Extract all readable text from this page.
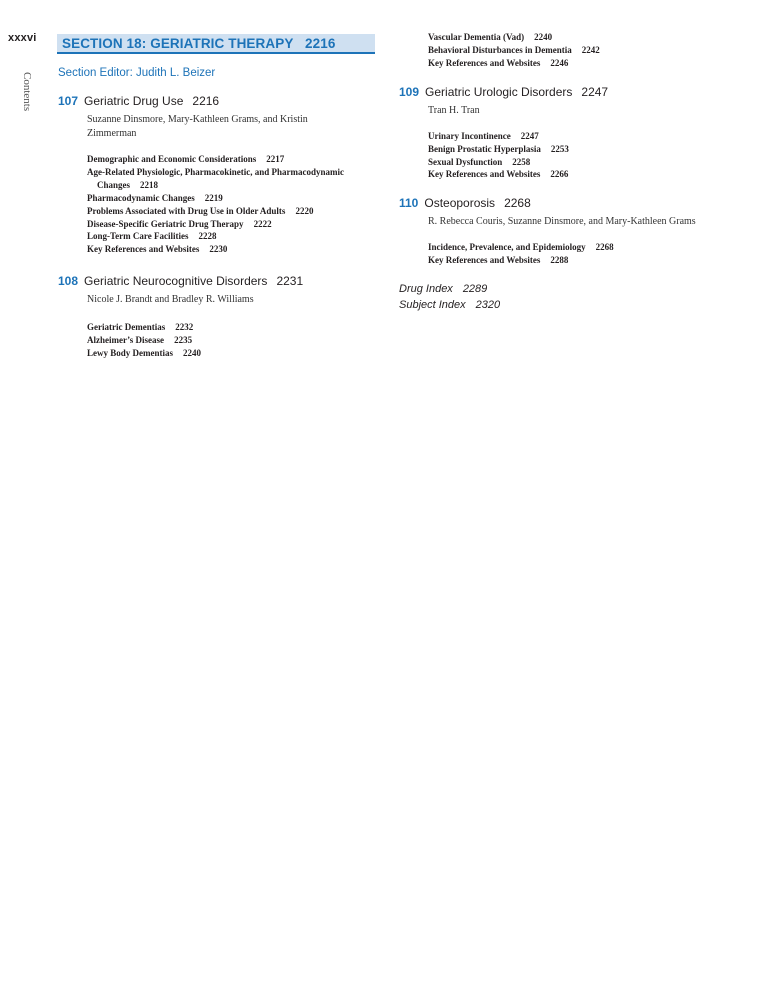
xxxvi
Contents
SECTION 18: GERIATRIC THERAPY 2216
Section Editor: Judith L. Beizer
107 Geriatric Drug Use 2216
Suzanne Dinsmore, Mary-Kathleen Grams, and Kristin Zimmerman
Demographic and Economic Considerations 2217
Age-Related Physiologic, Pharmacokinetic, and Pharmacodynamic Changes 2218
Pharmacodynamic Changes 2219
Problems Associated with Drug Use in Older Adults 2220
Disease-Specific Geriatric Drug Therapy 2222
Long-Term Care Facilities 2228
Key References and Websites 2230
108 Geriatric Neurocognitive Disorders 2231
Nicole J. Brandt and Bradley R. Williams
Geriatric Dementias 2232
Alzheimer’s Disease 2235
Lewy Body Dementias 2240
Vascular Dementia (Vad) 2240
Behavioral Disturbances in Dementia 2242
Key References and Websites 2246
109 Geriatric Urologic Disorders 2247
Tran H. Tran
Urinary Incontinence 2247
Benign Prostatic Hyperplasia 2253
Sexual Dysfunction 2258
Key References and Websites 2266
110 Osteoporosis 2268
R. Rebecca Couris, Suzanne Dinsmore, and Mary-Kathleen Grams
Incidence, Prevalence, and Epidemiology 2268
Key References and Websites 2288
Drug Index 2289
Subject Index 2320
